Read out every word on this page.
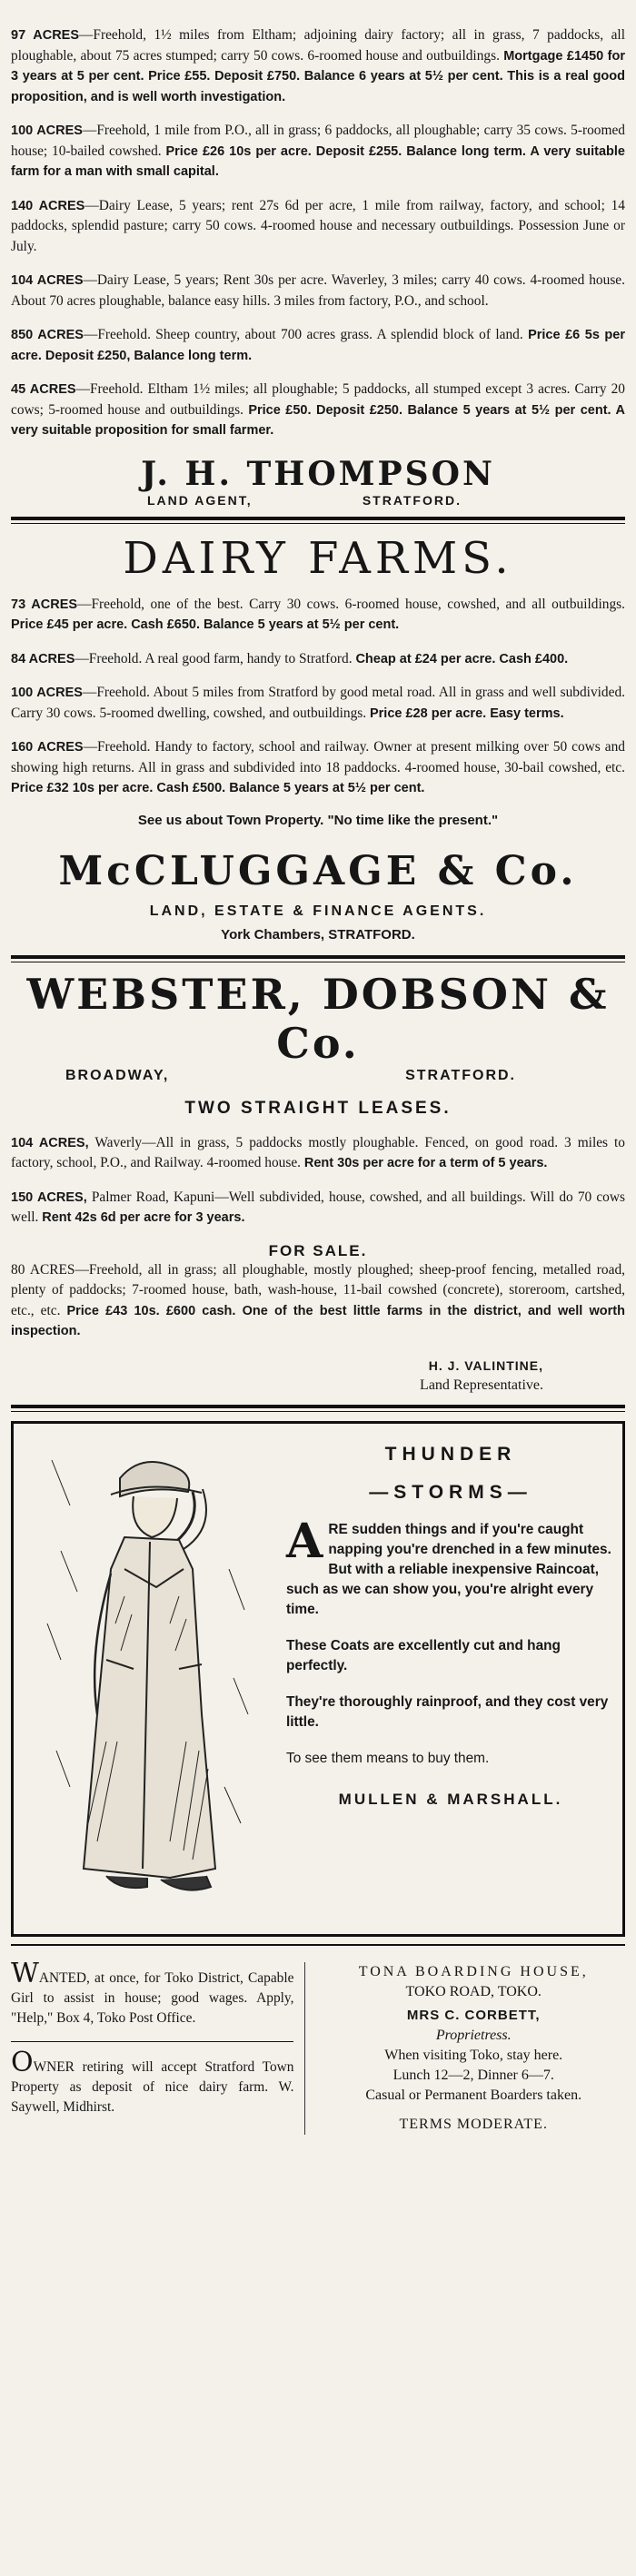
97 ACRES—Freehold, 1½ miles from Eltham; adjoining dairy factory; all in grass, 7 paddocks, all ploughable, about 75 acres stumped; carry 50 cows. 6-roomed house and outbuildings. Mortgage £1450 for 3 years at 5 per cent. Price £55. Deposit £750. Balance 6 years at 5½ per cent. This is a real good proposition, and is well worth investigation.

100 ACRES—Freehold, 1 mile from P.O., all in grass; 6 paddocks, all ploughable; carry 35 cows. 5-roomed house; 10-bailed cowshed. Price £26 10s per acre. Deposit £255. Balance long term. A very suitable farm for a man with small capital.

140 ACRES—Dairy Lease, 5 years; rent 27s 6d per acre, 1 mile from railway, factory, and school; 14 paddocks, splendid pasture; carry 50 cows. 4-roomed house and necessary outbuildings. Possession June or July.

104 ACRES—Dairy Lease, 5 years; Rent 30s per acre. Waverley, 3 miles; carry 40 cows. 4-roomed house. About 70 acres ploughable, balance easy hills. 3 miles from factory, P.O., and school.

850 ACRES—Freehold. Sheep country, about 700 acres grass. A splendid block of land. Price £6 5s per acre. Deposit £250, Balance long term.

45 ACRES—Freehold. Eltham 1½ miles; all ploughable; 5 paddocks, all stumped except 3 acres. Carry 20 cows; 5-roomed house and outbuildings. Price £50. Deposit £250. Balance 5 years at 5½ per cent. A very suitable proposition for small farmer.

J. H. THOMPSON
LAND AGENT,	STRATFORD.
DAIRY FARMS.

73 ACRES—Freehold, one of the best. Carry 30 cows. 6-roomed house, cowshed, and all outbuildings. Price £45 per acre. Cash £650. Balance 5 years at 5½ per cent.

84 ACRES—Freehold. A real good farm, handy to Stratford. Cheap at £24 per acre. Cash £400.

100 ACRES—Freehold. About 5 miles from Stratford by good metal road. All in grass and well subdivided. Carry 30 cows. 5-roomed dwelling, cowshed, and outbuildings. Price £28 per acre. Easy terms.

160 ACRES—Freehold. Handy to factory, school and railway. Owner at present milking over 50 cows and showing high returns. All in grass and subdivided into 18 paddocks. 4-roomed house, 30-bail cowshed, etc. Price £32 10s per acre. Cash £500. Balance 5 years at 5½ per cent.

See us about Town Property. "No time like the present."
McCLUGGAGE & Co.
LAND, ESTATE & FINANCE AGENTS.
York Chambers, STRATFORD.
WEBSTER, DOBSON & Co.
BROADWAY,	STRATFORD.
TWO STRAIGHT LEASES.

104 ACRES, Waverly—All in grass, 5 paddocks mostly ploughable. Fenced, on good road. 3 miles to factory, school, P.O., and Railway. 4-roomed house. Rent 30s per acre for a term of 5 years.

150 ACRES, Palmer Road, Kapuni—Well subdivided, house, cowshed, and all buildings. Will do 70 cows well. Rent 42s 6d per acre for 3 years.

FOR SALE.

80 ACRES—Freehold, all in grass; all ploughable, mostly ploughed; sheep-proof fencing, metalled road, plenty of paddocks; 7-roomed house, bath, wash-house, 11-bail cowshed (concrete), storeroom, cartshed, etc., etc. Price £43 10s. £600 cash. One of the best little farms in the district, and well worth inspection.

H. J. VALINTINE,
Land Representative.
THUNDER
—STORMS—

ARE sudden things and if you're caught napping you're drenched in a few minutes. But with a reliable inexpensive Raincoat, such as we can show you, you're alright every time.

These Coats are excellently cut and hang perfectly.

They're thoroughly rainproof, and they cost very little.

To see them means to buy them.

MULLEN & MARSHALL.

WANTED, at once, for Toko District, Capable Girl to assist in house; good wages. Apply, "Help," Box 4, Toko Post Office.

OWNER retiring will accept Stratford Town Property as deposit of nice dairy farm. W. Saywell, Midhirst.

TONA BOARDING HOUSE,

TOKO ROAD, TOKO.

MRS C. CORBETT,

Proprietress.

When visiting Toko, stay here.

Lunch 12—2, Dinner 6—7.

Casual or Permanent Boarders taken.

TERMS MODERATE.
